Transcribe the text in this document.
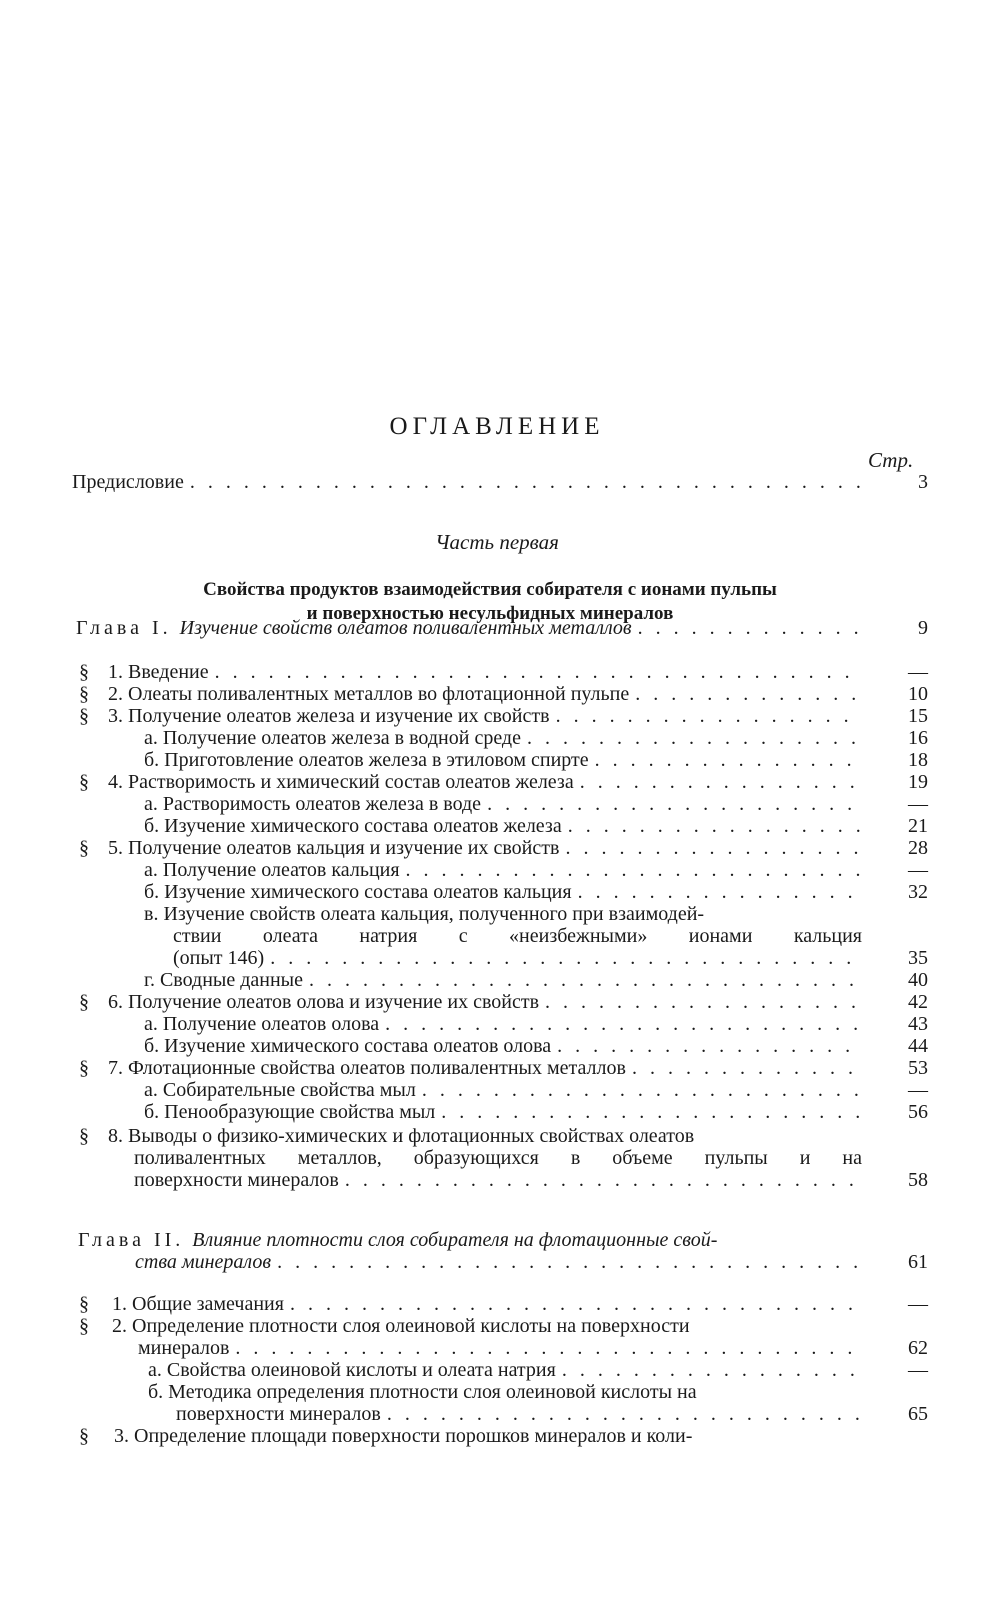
ОГЛАВЛЕНИЕ
Стр.
Предисловие . . .	3
Часть первая
Свойства продуктов взаимодействия собирателя с ионами пульпы
и поверхностью несульфидных минералов
Глава I. Изучение свойств олеатов поливалентных металлов . . .	9
§ 1. Введение . . .	—
§ 2. Олеаты поливалентных металлов во флотационной пульпе . . .	10
§ 3. Получение олеатов железа и изучение их свойств . . .	15
а. Получение олеатов железа в водной среде . . .	16
б. Приготовление олеатов железа в этиловом спирте . . .	18
§ 4. Растворимость и химический состав олеатов железа . . .	19
а. Растворимость олеатов железа в воде . . .	—
б. Изучение химического состава олеатов железа . . .	21
§ 5. Получение олеатов кальция и изучение их свойств . . .	28
а. Получение олеатов кальция . . .	—
б. Изучение химического состава олеатов кальция . . .	32
в. Изучение свойств олеата кальция, полученного при взаимодей-
ствии олеата натрия с «неизбежными» ионами кальция
(опыт 146) . . .	35
г. Сводные данные . . .	40
§ 6. Получение олеатов олова и изучение их свойств . . .	42
а. Получение олеатов олова . . .	43
б. Изучение химического состава олеатов олова . . .	44
§ 7. Флотационные свойства олеатов поливалентных металлов . . .	53
а. Собирательные свойства мыл . . .	—
б. Пенообразующие свойства мыл . . .	56
§ 8. Выводы о физико-химических и флотационных свойствах олеатов
поливалентных металлов, образующихся в объеме пульпы и на
поверхности минералов . . .	58
Глава II. Влияние плотности слоя собирателя на флотационные свой-
ства минералов . . .	61
§ 1. Общие замечания . . .	—
§ 2. Определение плотности слоя олеиновой кислоты на поверхности
минералов . . .	62
а. Свойства олеиновой кислоты и олеата натрия . . .	—
б. Методика определения плотности слоя олеиновой кислоты на
поверхности минералов . . .	65
§ 3. Определение площади поверхности порошков минералов и коли-
